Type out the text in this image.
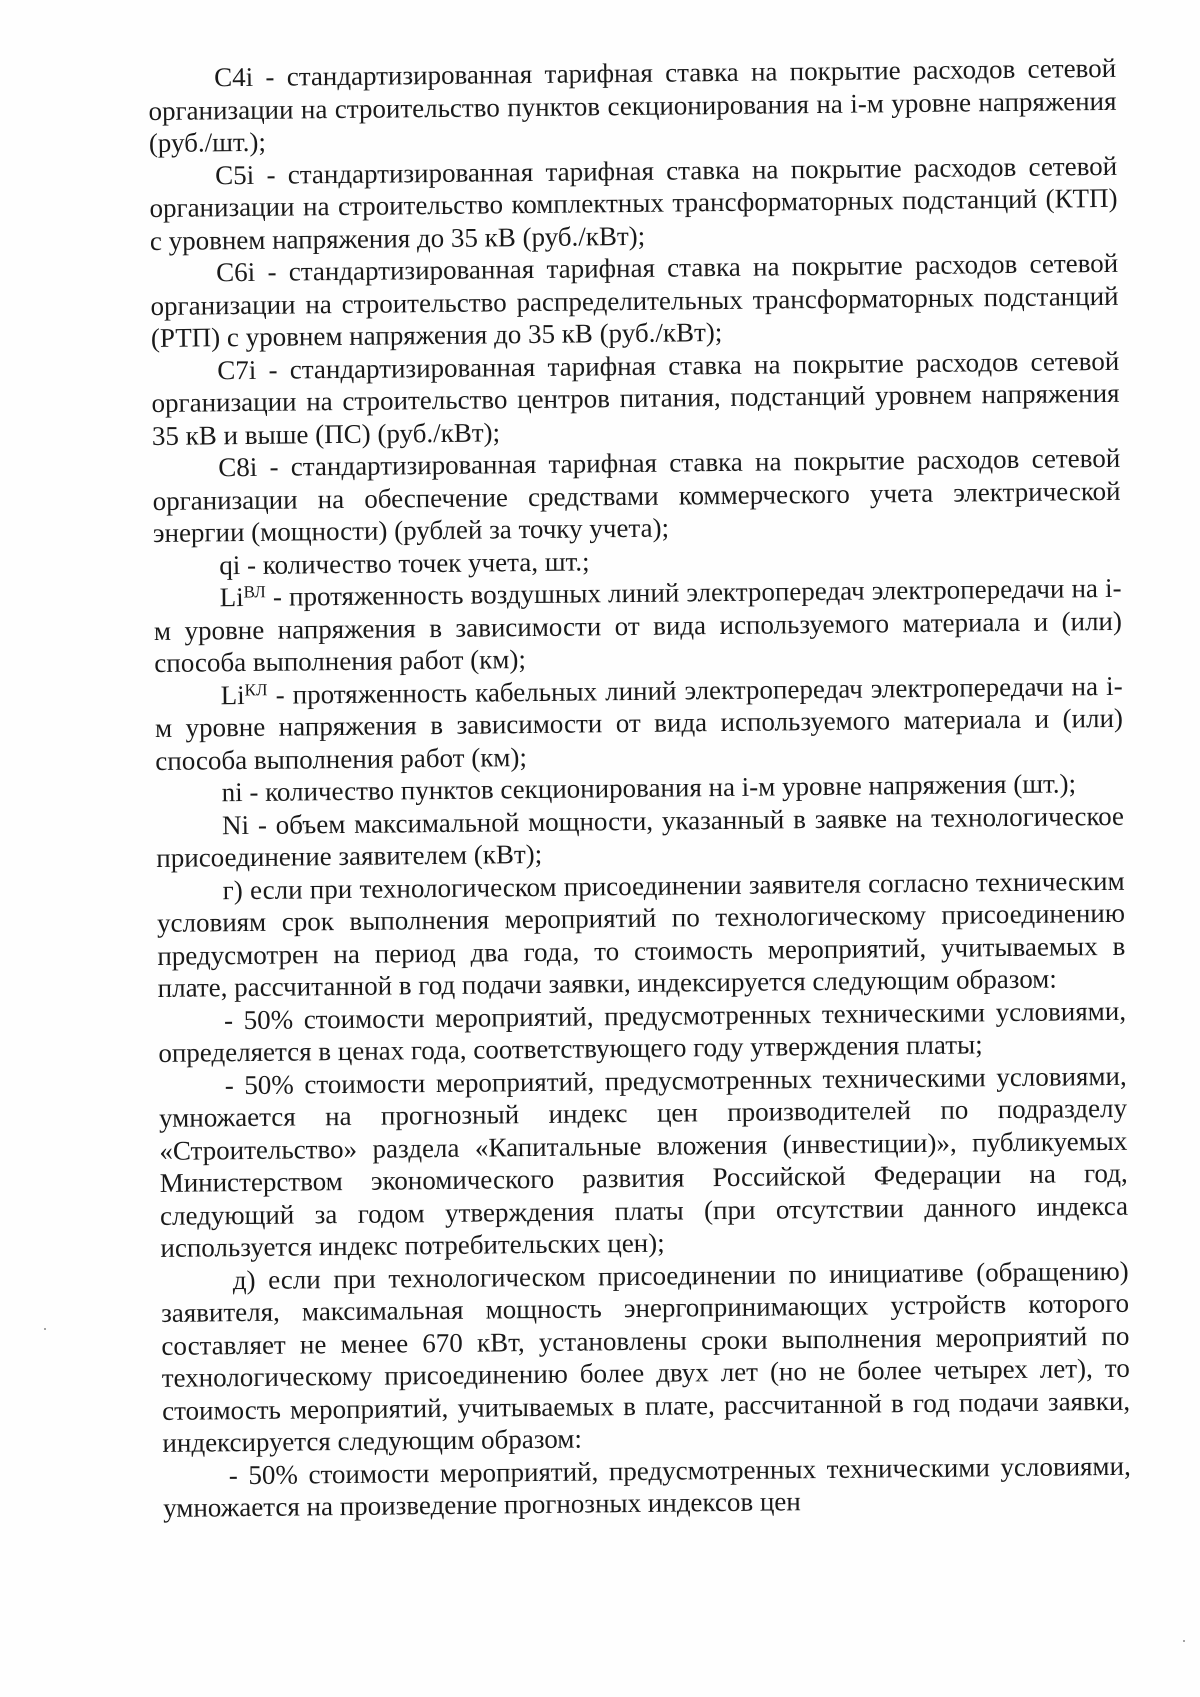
C4i - стандартизированная тарифная ставка на покрытие расходов сетевой организации на строительство пунктов секционирования на i-м уровне напряжения (руб./шт.);

C5i - стандартизированная тарифная ставка на покрытие расходов сетевой организации на строительство комплектных трансформаторных подстанций (КТП) с уровнем напряжения до 35 кВ (руб./кВт);

C6i - стандартизированная тарифная ставка на покрытие расходов сетевой организации на строительство распределительных трансформаторных подстанций (РТП) с уровнем напряжения до 35 кВ (руб./кВт);

C7i - стандартизированная тарифная ставка на покрытие расходов сетевой организации на строительство центров питания, подстанций уровнем напряжения 35 кВ и выше (ПС) (руб./кВт);

C8i - стандартизированная тарифная ставка на покрытие расходов сетевой организации на обеспечение средствами коммерческого учета электрической энергии (мощности) (рублей за точку учета);

qi - количество точек учета, шт.;

$Li^{ВЛ}$ - протяженность воздушных линий электропередач электропередачи на i-м уровне напряжения в зависимости от вида используемого материала и (или) способа выполнения работ (км);

$Li^{КЛ}$ - протяженность кабельных линий электропередач электропередачи на i-м уровне напряжения в зависимости от вида используемого материала и (или) способа выполнения работ (км);

ni - количество пунктов секционирования на i-м уровне напряжения (шт.);

Ni - объем максимальной мощности, указанный в заявке на технологическое присоединение заявителем (кВт);

г) если при технологическом присоединении заявителя согласно техническим условиям срок выполнения мероприятий по технологическому присоединению предусмотрен на период два года, то стоимость мероприятий, учитываемых в плате, рассчитанной в год подачи заявки, индексируется следующим образом:

- 50% стоимости мероприятий, предусмотренных техническими условиями, определяется в ценах года, соответствующего году утверждения платы;

- 50% стоимости мероприятий, предусмотренных техническими условиями, умножается на прогнозный индекс цен производителей по подразделу «Строительство» раздела «Капитальные вложения (инвестиции)», публикуемых Министерством экономического развития Российской Федерации на год, следующий за годом утверждения платы (при отсутствии данного индекса используется индекс потребительских цен);

д) если при технологическом присоединении по инициативе (обращению) заявителя, максимальная мощность энергопринимающих устройств которого составляет не менее 670 кВт, установлены сроки выполнения мероприятий по технологическому присоединению более двух лет (но не более четырех лет), то стоимость мероприятий, учитываемых в плате, рассчитанной в год подачи заявки, индексируется следующим образом:

- 50% стоимости мероприятий, предусмотренных техническими условиями, умножается на произведение прогнозных индексов цен
